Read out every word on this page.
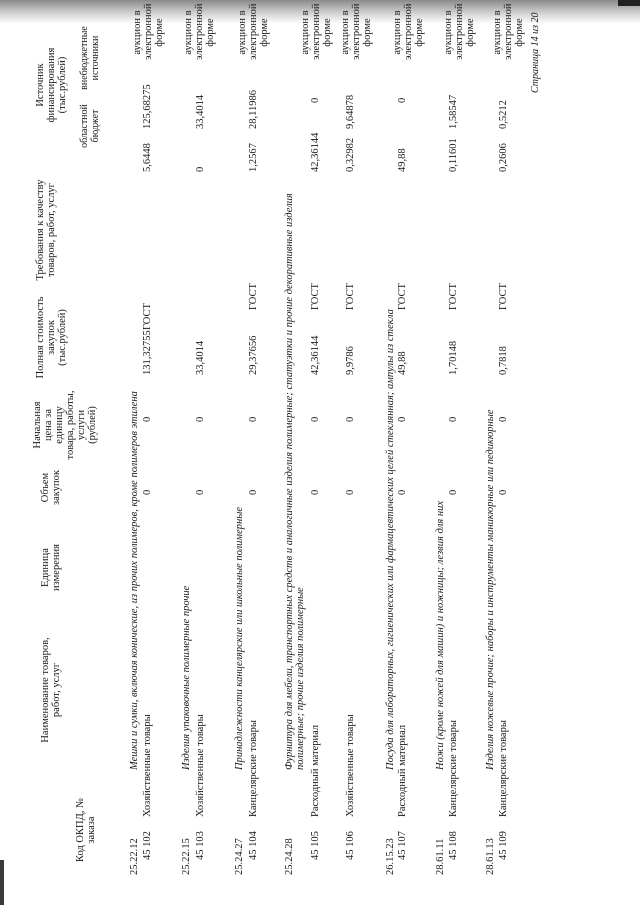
Код ОКПД, № заказа
Наименование товаров, работ, услуг
Единица измерения
Объем закупок
Начальная цена за единицу товара, работы, услуги (рублей)
Полная стоимость закупок (тыс.рублей)
Требования к качеству товаров, работ, услуг
Источник финансирования (тыс.рублей)
областной бюджет
внебюджетные источники
25.22.12
Мешки и сумки, включая конические, из прочих полимеров, кроме полимеров этилена
45 102
Хозяйственные товары
0
0
131,32755
ГОСТ
5,6448
125,68275
аукцион в электронной форме
25.22.15
Изделия упаковочные полимерные прочие
45 103
Хозяйственные товары
0
0
33,4014
0
33,4014
аукцион в электронной форме
25.24.27
Принадлежности канцелярские или школьные полимерные
45 104
Канцелярские товары
0
0
29,37656
ГОСТ
1,2567
28,11986
аукцион в электронной форме
25.24.28
Фурнитура для мебели, транспортных средств и аналогичные изделия полимерные; статуэтки и прочие декоративные изделия полимерные; прочие изделия полимерные
45 105
Расходный материал
0
0
42,36144
ГОСТ
42,36144
0
аукцион в электронной форме
45 106
Хозяйственные товары
0
0
9,9786
ГОСТ
0,32982
9,64878
аукцион в электронной форме
26.15.23
Посуда для лабораторных, гигиенических или фармацевтических целей стеклянная; ампулы из стекла
45 107
Расходный материал
0
0
49,88
ГОСТ
49,88
0
аукцион в электронной форме
28.61.11
Ножи (кроме ножей для машин) и ножницы; лезвия для них
45 108
Канцелярские товары
0
0
1,70148
ГОСТ
0,11601
1,58547
аукцион в электронной форме
28.61.13
Изделия ножевые прочие; наборы и инструменты маникюрные или педикюрные
45 109
Канцелярские товары
0
0
0,7818
ГОСТ
0,2606
0,5212
аукцион в электронной форме Страница 14 из 20
